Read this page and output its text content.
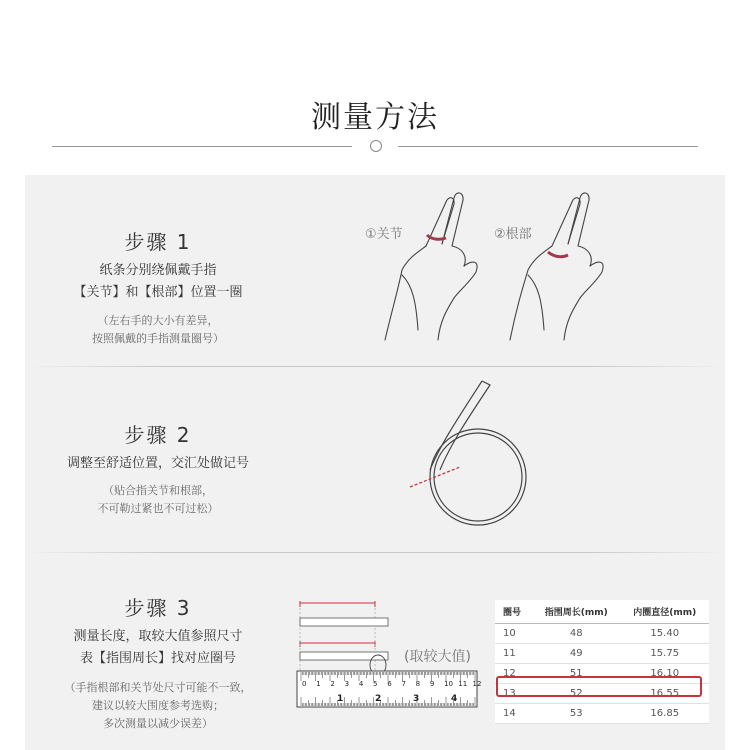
测量方法
步骤 1
纸条分别绕佩戴手指
【关节】和【根部】位置一圈
（左右手的大小有差异，
按照佩戴的手指测量圈号）
①关节	②根部
步骤 2
调整至舒适位置，交汇处做记号
（贴合指关节和根部，
不可勒过紧也不可过松）
步骤 3
测量长度，取较大值参照尺寸
表【指围周长】找对应圈号
（手指根部和关节处尺寸可能不一致，
建议以较大围度参考选购；
多次测量以减少误差）
(取较大值)
0 1 2 3 4 5 6 7 8 9 10 11 12
1	2	3	4
圈号	指围周长(mm)	内圈直径(mm)
10	48	15.40
11	49	15.75
12	51	16.10
13	52	16.55
14	53	16.85
